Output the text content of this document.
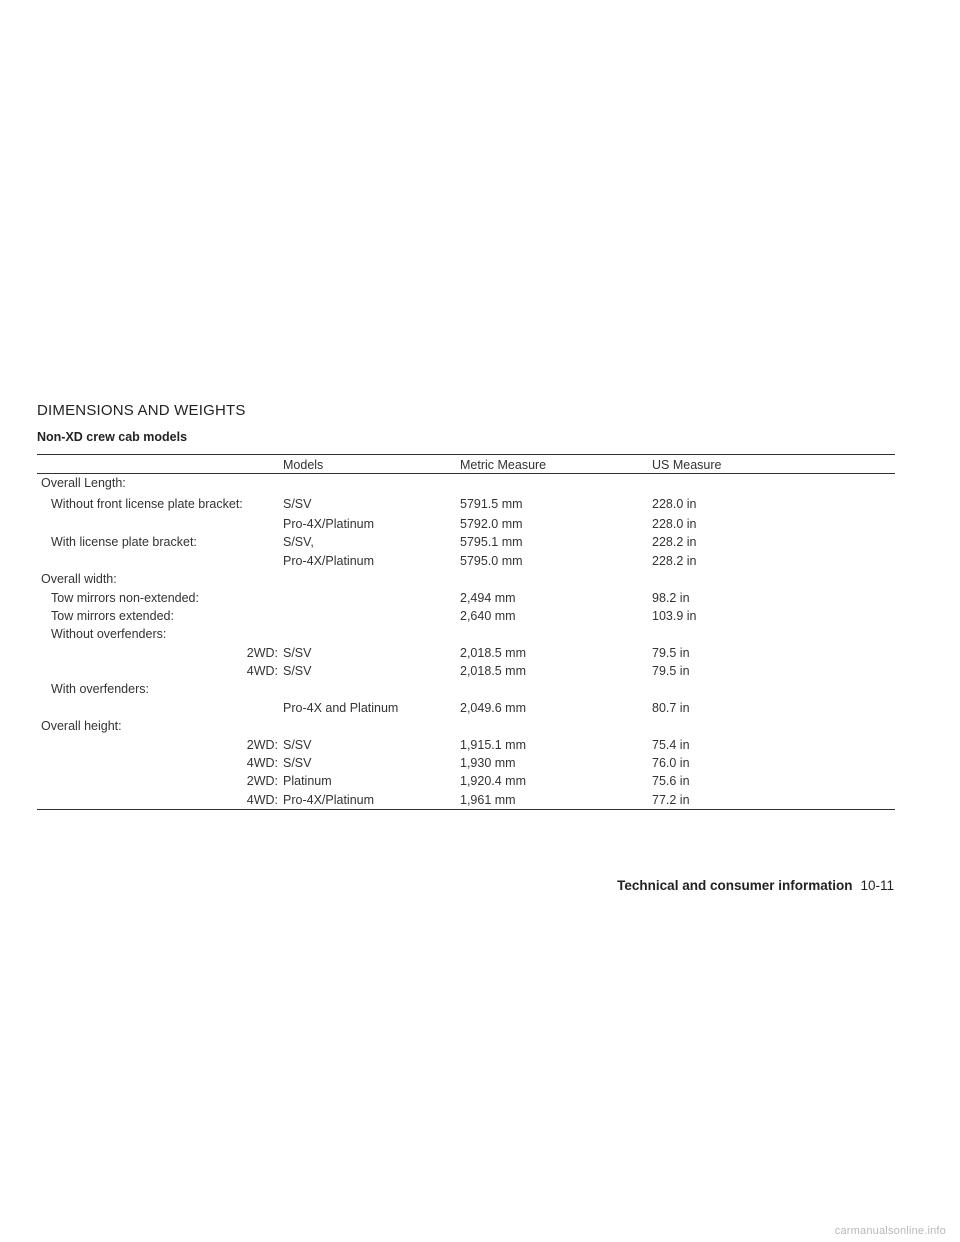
DIMENSIONS AND WEIGHTS
Non-XD crew cab models
	Models	Metric Measure	US Measure
Overall Length:			

Without front license plate bracket:	S/SV	5791.5 mm	228.0 in
	Pro-4X/Platinum	5792.0 mm	228.0 in
With license plate bracket:	S/SV,	5795.1 mm	228.2 in
	Pro-4X/Platinum	5795.0 mm	228.2 in
Overall width:			
Tow mirrors non-extended:		2,494 mm	98.2 in
Tow mirrors extended:		2,640 mm	103.9 in
Without overfenders:			
2WD:	S/SV	2,018.5 mm	79.5 in
4WD:	S/SV	2,018.5 mm	79.5 in
With overfenders:			
	Pro-4X and Platinum	2,049.6 mm	80.7 in
Overall height:			
2WD:	S/SV	1,915.1 mm	75.4 in
4WD:	S/SV	1,930 mm	76.0 in
2WD:	Platinum	1,920.4 mm	75.6 in
4WD:	Pro-4X/Platinum	1,961 mm	77.2 in
Technical and consumer information 10-11
carmanualsonline.info
